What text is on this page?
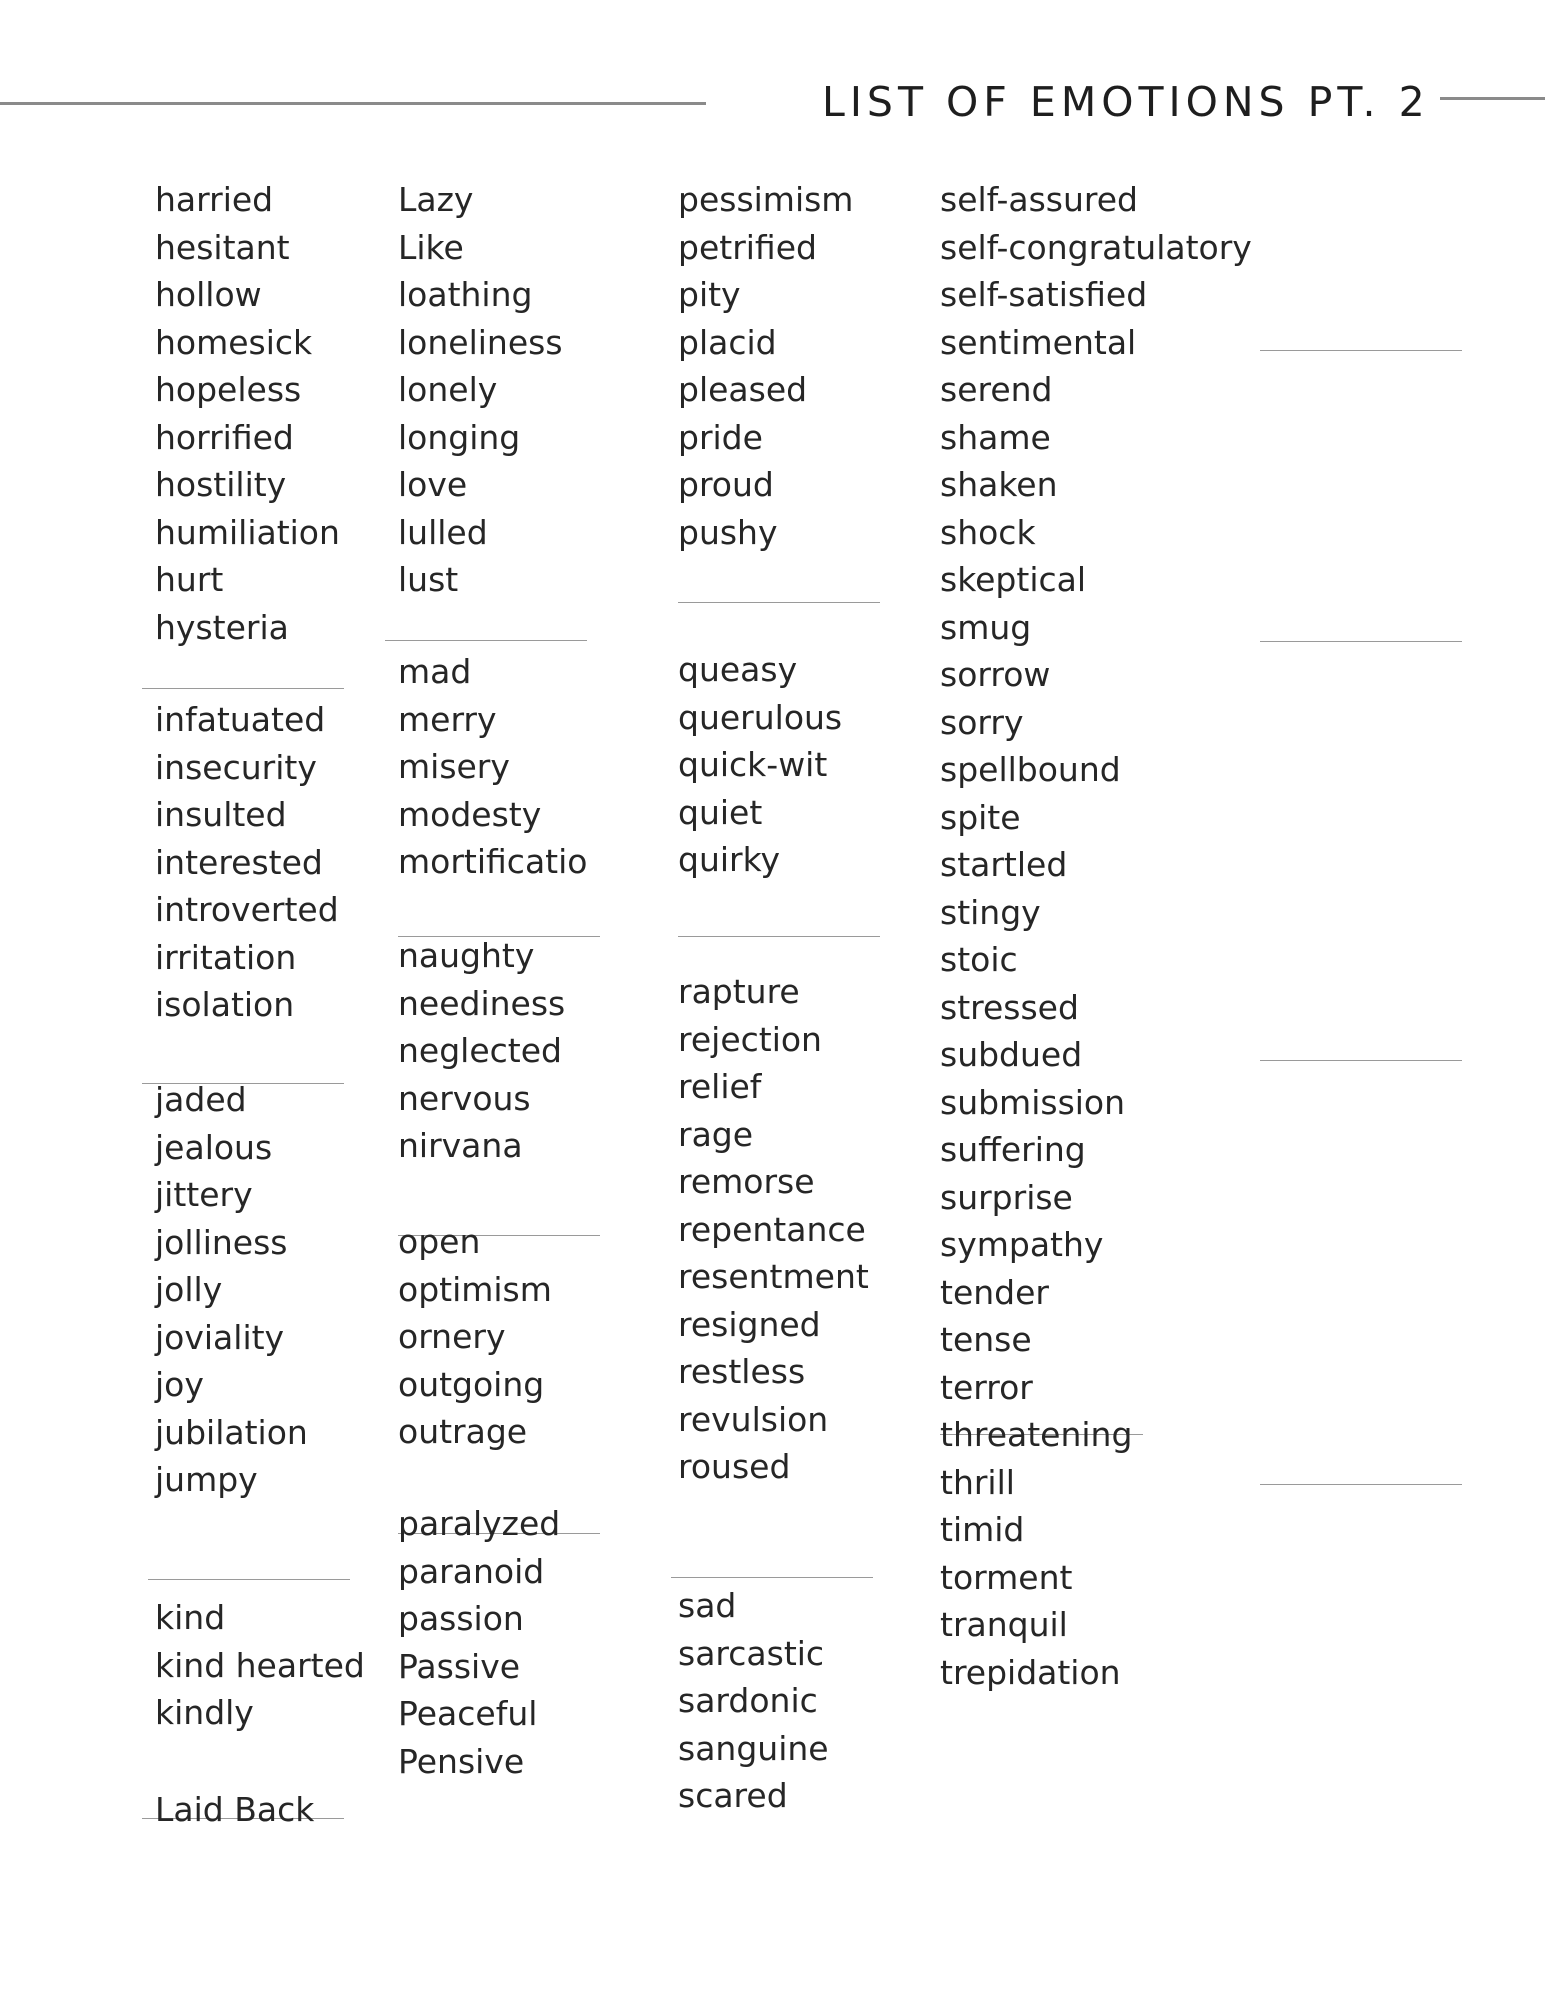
LIST OF EMOTIONS PT. 2
harried
hesitant
hollow
homesick
hopeless
horrified
hostility
humiliation
hurt
hysteria
infatuated
insecurity
insulted
interested
introverted
irritation
isolation
jaded
jealous
jittery
jolliness
jolly
joviality
joy
jubilation
jumpy
kind
kind hearted
kindly
Laid Back
Lazy
Like
loathing
loneliness
lonely
longing
love
lulled
lust
mad
merry
misery
modesty
mortificatio
naughty
neediness
neglected
nervous
nirvana
open
optimism
ornery
outgoing
outrage
paralyzed
paranoid
passion
Passive
Peaceful
Pensive
pessimism
petrified
pity
placid
pleased
pride
proud
pushy
queasy
querulous
quick-wit
quiet
quirky
rapture
rejection
relief
rage
remorse
repentance
resentment
resigned
restless
revulsion
roused
sad
sarcastic
sardonic
sanguine
scared
self-assured
self-congratulatory
self-satisfied
sentimental
serend
shame
shaken
shock
skeptical
smug
sorrow
sorry
spellbound
spite
startled
stingy
stoic
stressed
subdued
submission
suffering
surprise
sympathy
tender
tense
terror
threatening
thrill
timid
torment
tranquil
trepidation
